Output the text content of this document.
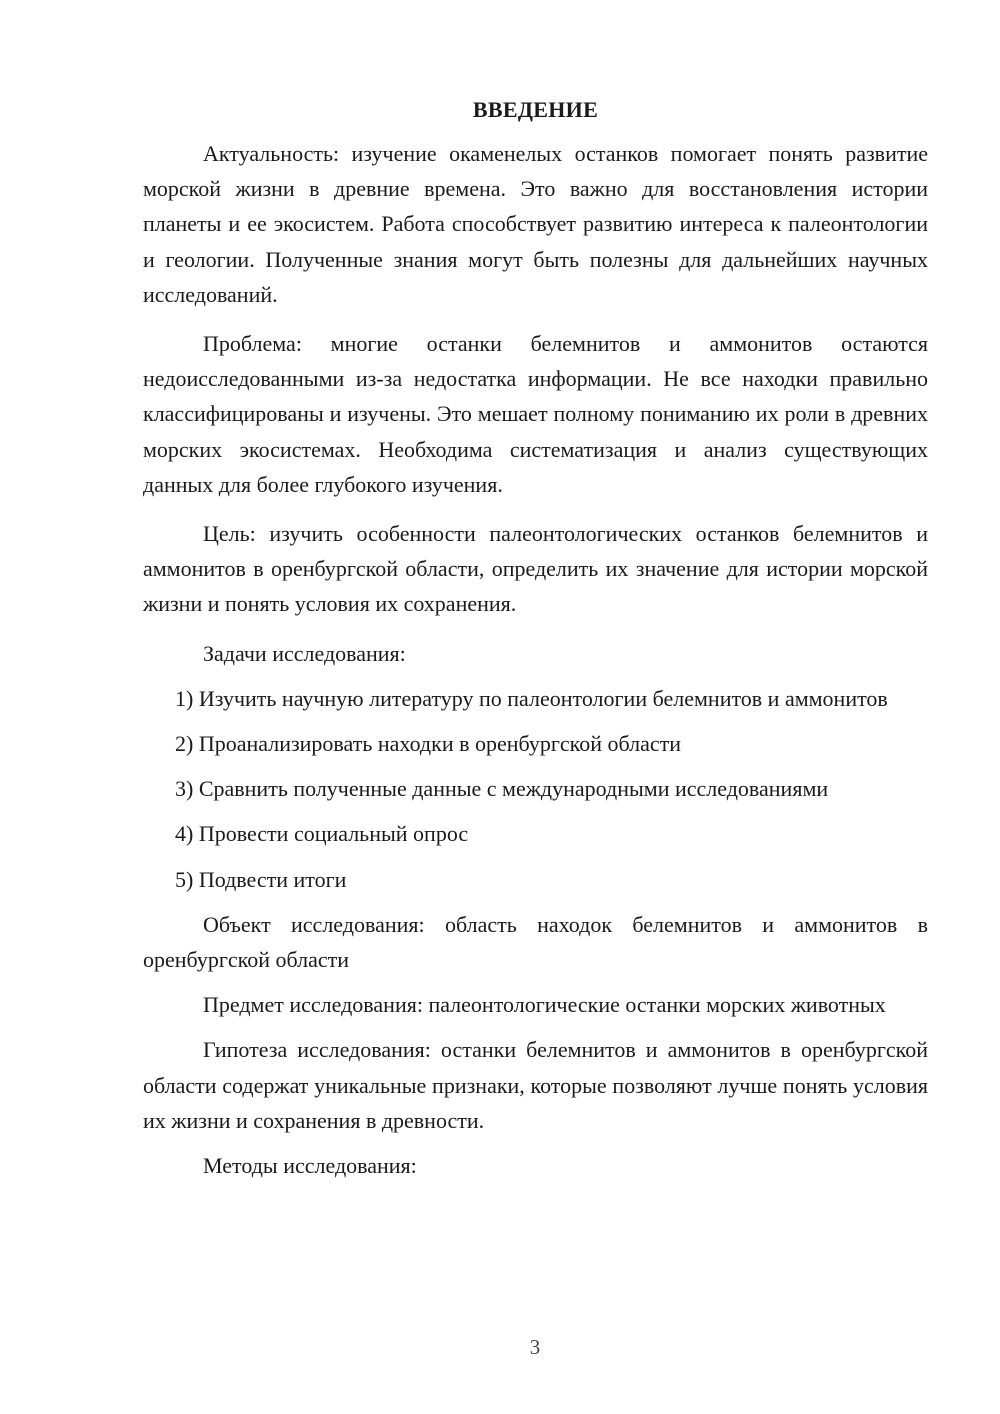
ВВЕДЕНИЕ

Актуальность: изучение окаменелых останков помогает понять развитие морской жизни в древние времена. Это важно для восстановления истории планеты и ее экосистем. Работа способствует развитию интереса к палеонтологии и геологии. Полученные знания могут быть полезны для дальнейших научных исследований.

Проблема: многие останки белемнитов и аммонитов остаются недоисследованными из-за недостатка информации. Не все находки правильно классифицированы и изучены. Это мешает полному пониманию их роли в древних морских экосистемах. Необходима систематизация и анализ существующих данных для более глубокого изучения.

Цель: изучить особенности палеонтологических останков белемнитов и аммонитов в оренбургской области, определить их значение для истории морской жизни и понять условия их сохранения.

Задачи исследования:

1) Изучить научную литературу по палеонтологии белемнитов и аммонитов

2) Проанализировать находки в оренбургской области

3) Сравнить полученные данные с международными исследованиями

4) Провести социальный опрос

5) Подвести итоги

Объект исследования: область находок белемнитов и аммонитов в оренбургской области

Предмет исследования: палеонтологические останки морских животных

Гипотеза исследования: останки белемнитов и аммонитов в оренбургской области содержат уникальные признаки, которые позволяют лучше понять условия их жизни и сохранения в древности.

Методы исследования:

3
